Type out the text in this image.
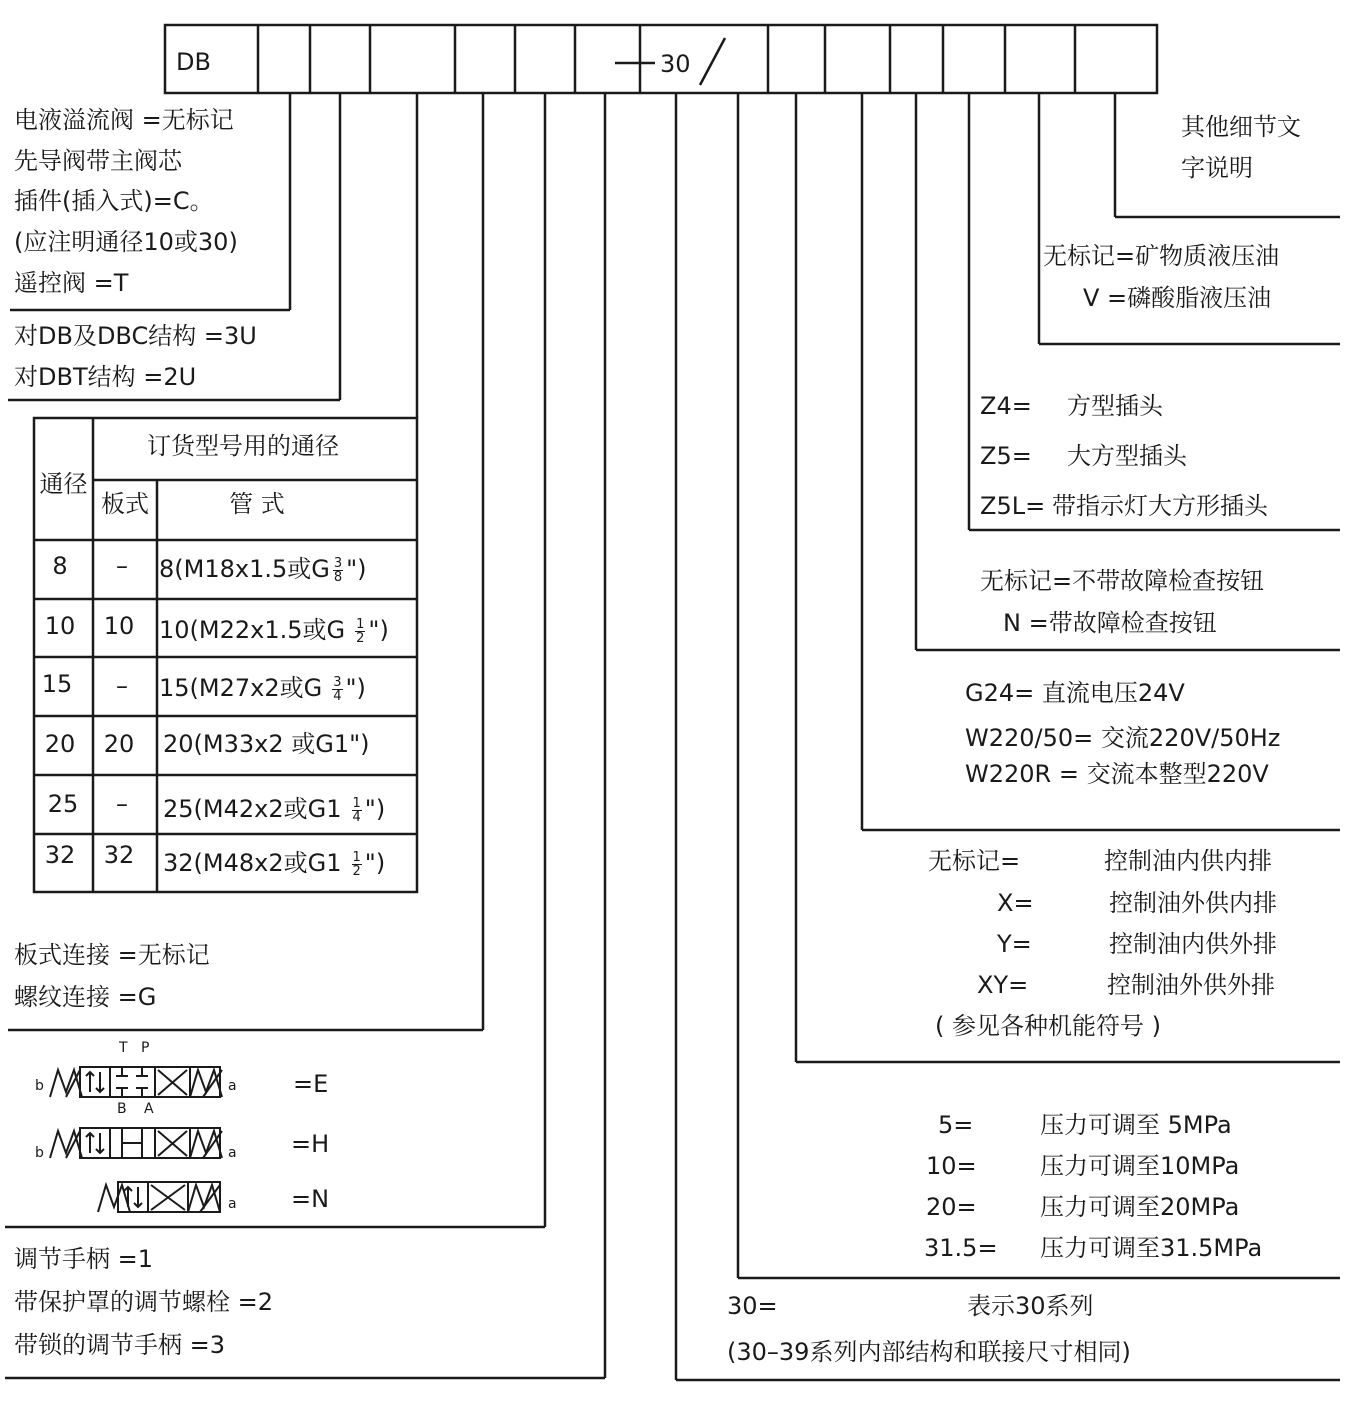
DB	30
电液溢流阀 =无标记
先导阀带主阀芯
插件(插入式)=C。
(应注明通径10或30)
遥控阀 =T
对DB及DBC结构 =3U
对DBT结构 =2U
通径
订货型号用的通径
板式	管 式
8	–	8(M18x1.5或G $\frac{3}{8}$ ")
10	10	10(M22x1.5或G $\frac{1}{2}$ ")
15	–	15(M27x2或G $\frac{3}{4}$ ")
20	20	20(M33x2 或G1")
25	–	25(M42x2或$G1 \frac{1}{4}$ ")
32	32	32(M48x2或$G1 \frac{1}{2}$ ")
板式连接 =无标记
螺纹连接 =G
b	a
T P
B A
b	a
a
=E
=H
=N
调节手柄 =1
带保护罩的调节螺栓 =2
带锁的调节手柄 =3
30=	表示30系列
(30–39系列内部结构和联接尺寸相同)
5=	压力可调至 5MPa
10=	压力可调至10MPa
20=	压力可调至20MPa
31.5= 压力可调至31.5MPa
无标记=	控制油内供内排
X=	控制油外供内排
Y=	控制油内供外排
XY=	控制油外供外排
( 参见各种机能符号 )
G24= 直流电压24V
W220/50= 交流220V/50Hz
W220R = 交流本整型220V
无标记=不带故障检查按钮
N =带故障检查按钮
Z4= 方型插头
Z5= 大方型插头
Z5L= 带指示灯大方形插头
无标记=矿物质液压油
V =磷酸脂液压油
其他细节文
字说明
